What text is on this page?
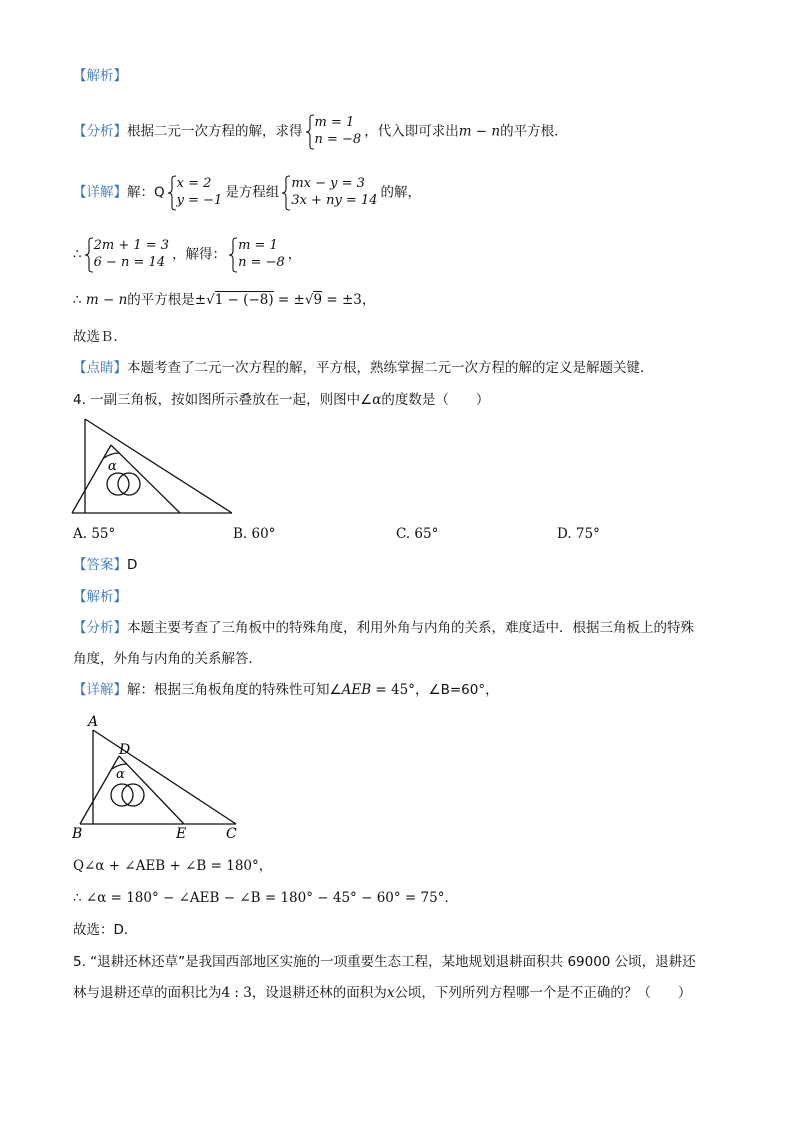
【解析】
【分析】根据二元一次方程的解，求得
m = 1
n = −8 ，代入即可求出m − n的平方根．
【详解】解：Q
x = 2
y = −1 是方程组
mx − y = 3
3x + ny = 14 的解，
∴
2m + 1 = 3
6 − n = 14 ，解得：
m = 1
n = −8 ，
∴ m − n的平方根是±√1 − (−8) = ±√9 = ±3，
故选Ｂ．
【点睛】本题考查了二元一次方程的解，平方根，熟练掌握二元一次方程的解的定义是解题关键．
4. 一副三角板，按如图所示叠放在一起，则图中∠α的度数是（　　）
α
A. 55°	B. 60°	C. 65°	D. 75°
【答案】D
【解析】
【分析】本题主要考查了三角板中的特殊角度，利用外角与内角的关系，难度适中．根据三角板上的特殊
角度，外角与内角的关系解答．
【详解】解：根据三角板角度的特殊性可知∠AEB = 45°，∠B=60°，
A
D
α
B	E	C
Q∠α + ∠AEB + ∠B = 180°，
∴ ∠α = 180° − ∠AEB − ∠B = 180° − 45° − 60° = 75°．
故选：D．
5. “退耕还林还草”是我国西部地区实施的一项重要生态工程，某地规划退耕面积共 69000 公顷，退耕还
林与退耕还草的面积比为4 : 3，设退耕还林的面积为x公顷，下列所列方程哪一个是不正确的？（　　）
